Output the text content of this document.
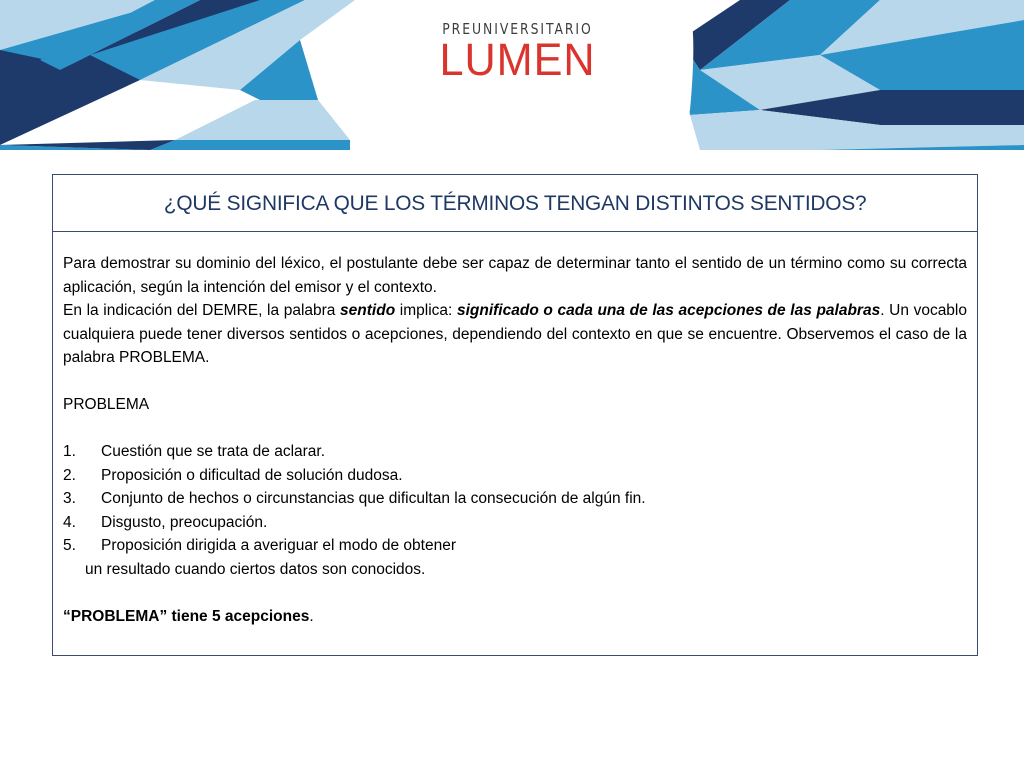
PREUNIVERSITARIO
LUMEN
¿QUÉ SIGNIFICA QUE LOS TÉRMINOS TENGAN DISTINTOS SENTIDOS?

Para demostrar su dominio del léxico, el postulante debe ser capaz de determinar tanto el sentido de un término como su correcta aplicación, según la intención del emisor y el contexto.

En la indicación del DEMRE, la palabra sentido implica: significado o cada una de las acepciones de las palabras. Un vocablo cualquiera puede tener diversos sentidos o acepciones, dependiendo del contexto en que se encuentre. Observemos el caso de la palabra PROBLEMA.

PROBLEMA
1.	Cuestión que se trata de aclarar.
2.	Proposición o dificultad de solución dudosa.
3.	Conjunto de hechos o circunstancias que dificultan la consecución de algún fin.
4.	Disgusto, preocupación.
5.	Proposición dirigida a averiguar el modo de obtener
un resultado cuando ciertos datos son conocidos.
“PROBLEMA” tiene 5 acepciones.
